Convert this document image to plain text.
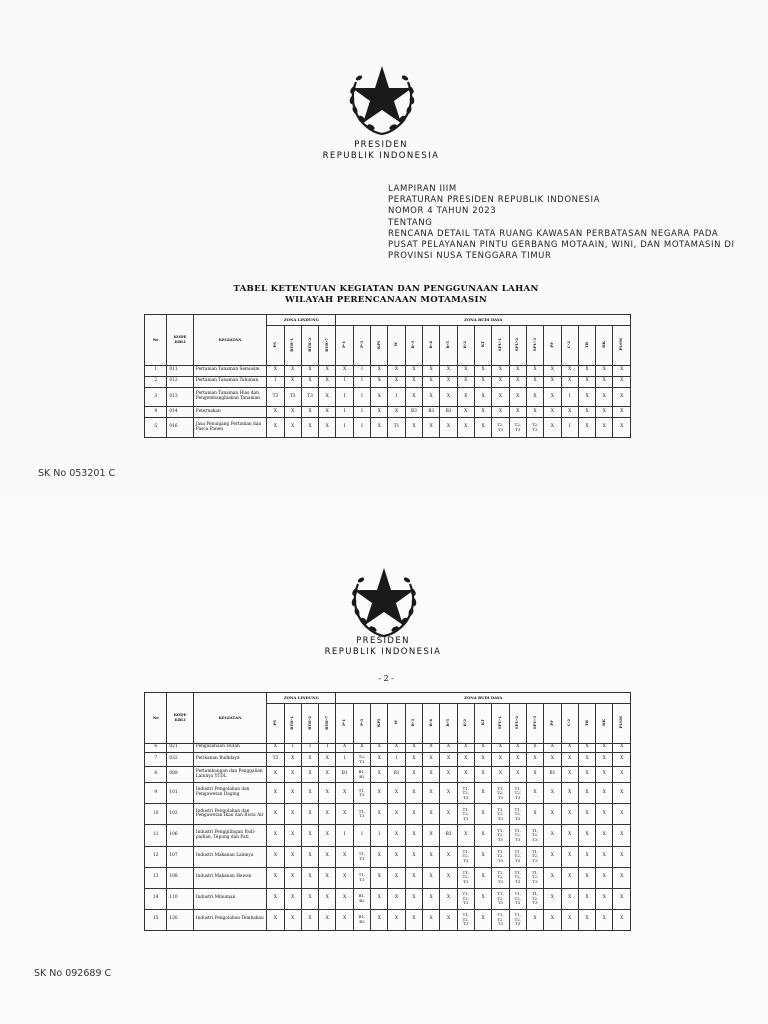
PRESIDEN
REPUBLIK INDONESIA
LAMPIRAN IIIM
PERATURAN PRESIDEN REPUBLIK INDONESIA
NOMOR 4 TAHUN 2023
TENTANG
RENCANA DETAIL TATA RUANG KAWASAN PERBATASAN NEGARA PADA
PUSAT PELAYANAN PINTU GERBANG MOTAAIN, WINI, DAN MOTAMASIN DI
PROVINSI NUSA TENGGARA TIMUR
TABEL KETENTUAN KEGIATAN DAN PENGGUNAAN LAHAN
WILAYAH PERENCANAAN MOTAMASIN
No	KODE KBLI	KEGIATAN	ZONA LINDUNG				ZONA BUDI DAYA																
			PS	RTH-1	RTH-2	RTH-7	P-1	P-3	KPI	W	R-3	R-4	R-5	K-2	KT	SPU-1	SPU-2	SPU-3	PF	C-2	TR	HK	PLSM
1	011	Pertanian Tanaman Semusim	X	X	X	X	X	I	X	X	X	X	X	X	X	X	X	X	X	X	X	X	X
2	012	Pertanian Tanaman Tahunan	I	X	X	X	I	I	X	X	X	X	X	X	X	X	X	X	X	X	X	X	X
3	013	Pertanian Tanaman Hias dan Pengembangbiakan Tanaman	T3	T3	T3	X	I	I	X	I	X	X	X	X	X	X	X	X	X	I	X	X	X
4	014	Peternakan	X	X	X	X	I	I	X	X	B3	B3	B3	X	X	X	X	X	X	X	X	X	X
5	016	Jasa Penunjang Pertanian dan Pasca Panen	X	X	X	X	I	I	X	T1	X	X	X	X	X	T2,
T3	T2,
T3	T2,
T3	X	I	X	X	X
SK No 053201 C
PRESIDEN
REPUBLIK INDONESIA
- 2 -
No	KODE KBLI	KEGIATAN	ZONA LINDUNG				ZONA BUDI DAYA																
			PS	RTH-1	RTH-2	RTH-7	P-1	P-3	KPI	W	R-3	R-4	R-5	K-2	KT	SPU-1	SPU-2	SPU-3	PF	C-2	TR	HK	PLSM
6	021	Pengusahaan Hutan	X	I	I	I	X	X	X	X	X	X	X	X	X	X	X	X	X	X	X	X	X
7	032	Perikanan Budidaya	T3	X	X	X	I	T2,
T3	X	I	X	X	X	X	X	X	X	X	X	X	X	X	X
8	089	Pertambangan dan Penggalian Lainnya YTDL	X	X	X	X	B1	B1,
B2	X	B1	X	X	X	X	X	X	X	X	B1	X	X	X	X
9	101	Industri Pengolahan dan Pengawetan Daging	X	X	X	X	X	T1,
T3	X	X	X	X	X	T1,
T2,
T3	X	T1,
T2,
T3	T1,
T2,
T3	X	X	X	X	X	X
10	102	Industri Pengolahan dan Pengawetan Ikan dan Biota Air	X	X	X	X	X	T1,
T3	X	X	X	X	X	T1,
T2,
T3	X	T1,
T2,
T3	T1,
T2,
T3	X	X	X	X	X	X
11	106	Industri Penggilingan Padi-padian, Tepung dan Pati	X	X	X	X	I	I	I	X	X	X	B3	X	X	T1,
T2,
T3	T1,
T2,
T3	T1,
T2,
T3	X	X	X	X	X
12	107	Industri Makanan Lainnya	X	X	X	X	X	T1,
T3	X	X	X	X	X	T1,
T2,
T3	X	T1,
T2,
T3	T1,
T2,
T3	T1,
T2,
T3	X	X	X	X	X
13	108	Industri Makanan Hewan	X	X	X	X	X	T1,
T3	X	X	X	X	X	T1,
T2,
T3	X	T1,
T2,
T3	T1,
T2,
T3	T1,
T2,
T3	X	X	X	X	X
14	110	Industri Minuman	X	X	X	X	X	B1,
B2	X	X	X	X	X	T1,
T2,
T3	X	T1,
T2,
T3	T1,
T2,
T3	T1,
T2,
T3	X	X	X	X	X
15	120	Industri Pengolahan Tembakau	X	X	X	X	X	B1,
B2	X	X	X	X	X	T1,
T2,
T3	X	T1,
T2,
T3	T1,
T2,
T3	X	X	X	X	X	X
SK No 092689 C
